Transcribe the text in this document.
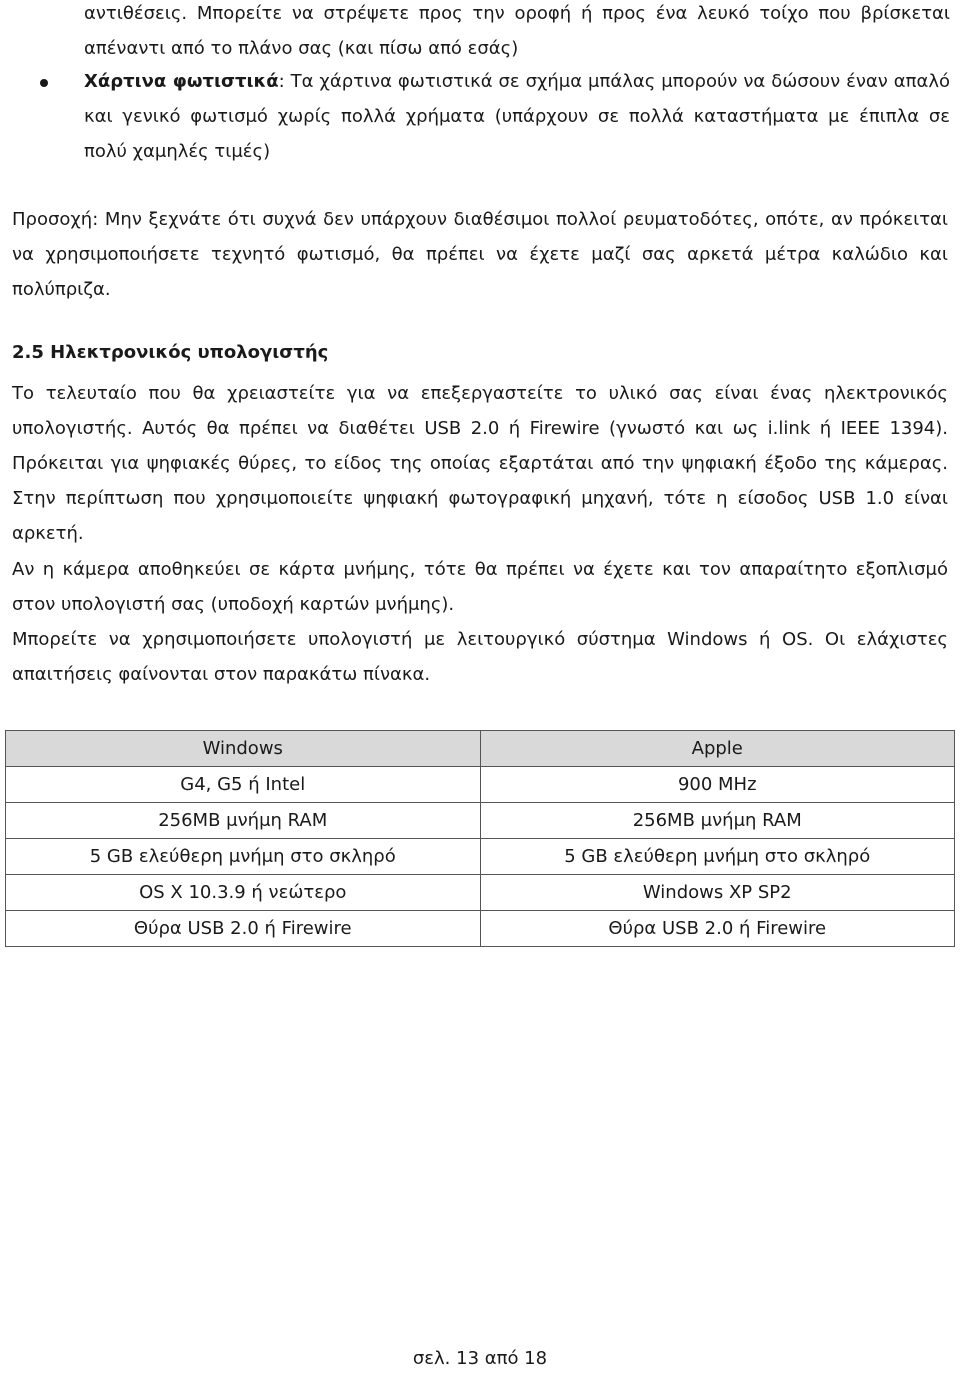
αντιθέσεις. Μπορείτε να στρέψετε προς την οροφή ή προς ένα λευκό τοίχο που βρίσκεται απέναντι από το πλάνο σας (και πίσω από εσάς)

Χάρτινα φωτιστικά: Τα χάρτινα φωτιστικά σε σχήμα μπάλας μπορούν να δώσουν έναν απαλό και γενικό φωτισμό χωρίς πολλά χρήματα (υπάρχουν σε πολλά καταστήματα με έπιπλα σε πολύ χαμηλές τιμές)

Προσοχή: Μην ξεχνάτε ότι συχνά δεν υπάρχουν διαθέσιμοι πολλοί ρευματοδότες, οπότε, αν πρόκειται να χρησιμοποιήσετε τεχνητό φωτισμό, θα πρέπει να έχετε μαζί σας αρκετά μέτρα καλώδιο και πολύπριζα.

2.5 Ηλεκτρονικός υπολογιστής

Το τελευταίο που θα χρειαστείτε για να επεξεργαστείτε το υλικό σας είναι ένας ηλεκτρονικός υπολογιστής. Αυτός θα πρέπει να διαθέτει USB 2.0 ή Firewire (γνωστό και ως i.link ή IEEE 1394). Πρόκειται για ψηφιακές θύρες, το είδος της οποίας εξαρτάται από την ψηφιακή έξοδο της κάμερας. Στην περίπτωση που χρησιμοποιείτε ψηφιακή φωτογραφική μηχανή, τότε η είσοδος USB 1.0 είναι αρκετή.

Αν η κάμερα αποθηκεύει σε κάρτα μνήμης, τότε θα πρέπει να έχετε και τον απαραίτητο εξοπλισμό στον υπολογιστή σας (υποδοχή καρτών μνήμης).

Μπορείτε να χρησιμοποιήσετε υπολογιστή με λειτουργικό σύστημα Windows ή OS. Οι ελάχιστες απαιτήσεις φαίνονται στον παρακάτω πίνακα.

Windows	Apple
G4, G5 ή Intel	900 MHz
256MB μνήμη RAM	256MB μνήμη RAM
5 GB ελεύθερη μνήμη στο σκληρό	5 GB ελεύθερη μνήμη στο σκληρό
OS X 10.3.9 ή νεώτερο	Windows XP SP2
Θύρα USB 2.0 ή Firewire	Θύρα USB 2.0 ή Firewire
σελ. 13 από 18
